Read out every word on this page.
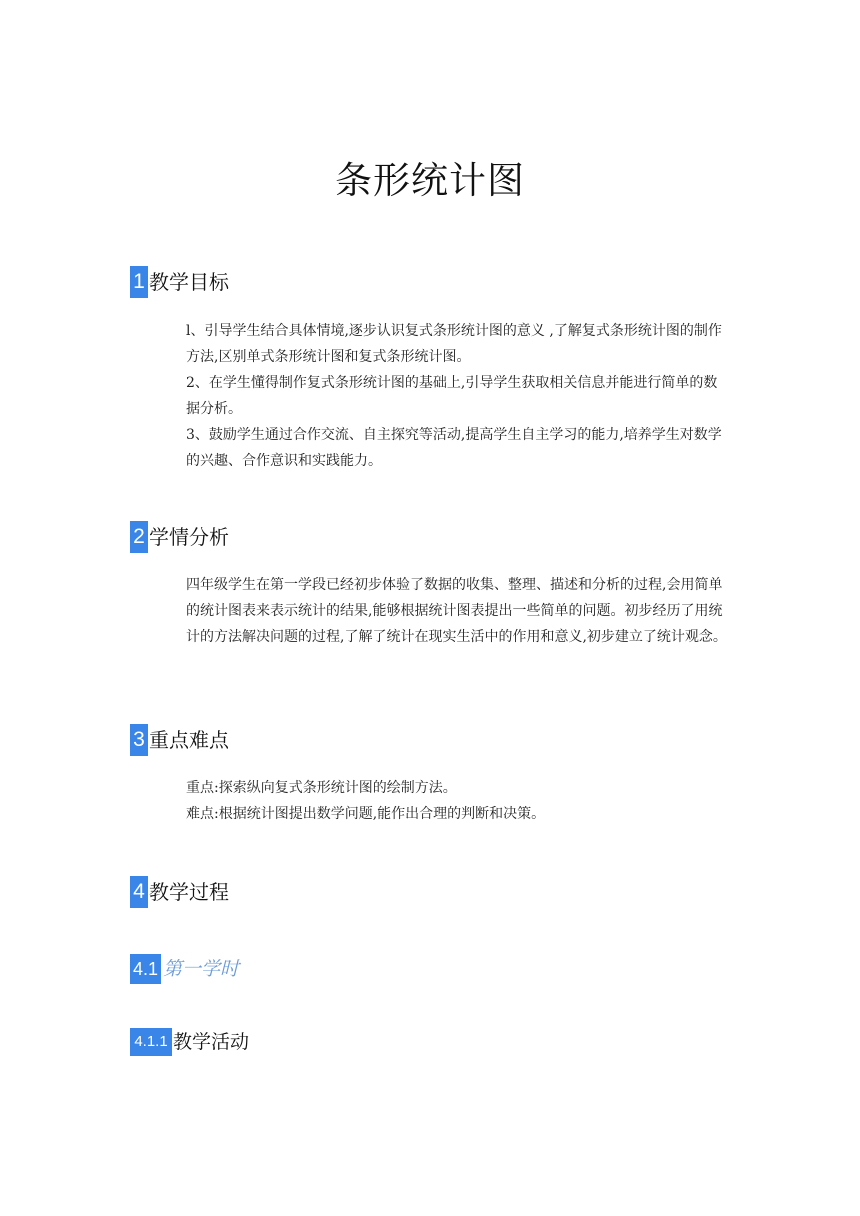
条形统计图
1 教学目标

l、引导学生结合具体情境,逐步认识复式条形统计图的意义 ,了解复式条形统计图的制作方法,区别单式条形统计图和复式条形统计图。

2、在学生懂得制作复式条形统计图的基础上,引导学生获取相关信息并能进行简单的数据分析。

3、鼓励学生通过合作交流、自主探究等活动,提高学生自主学习的能力,培养学生对数学的兴趣、合作意识和实践能力。

2 学情分析

四年级学生在第一学段已经初步体验了数据的收集、整理、描述和分析的过程,会用简单的统计图表来表示统计的结果,能够根据统计图表提出一些简单的问题。初步经历了用统计的方法解决问题的过程,了解了统计在现实生活中的作用和意义,初步建立了统计观念。

3 重点难点

重点:探索纵向复式条形统计图的绘制方法。

难点:根据统计图提出数学问题,能作出合理的判断和决策。

4 教学过程
4.1 第一学时
4.1.1 教学活动
